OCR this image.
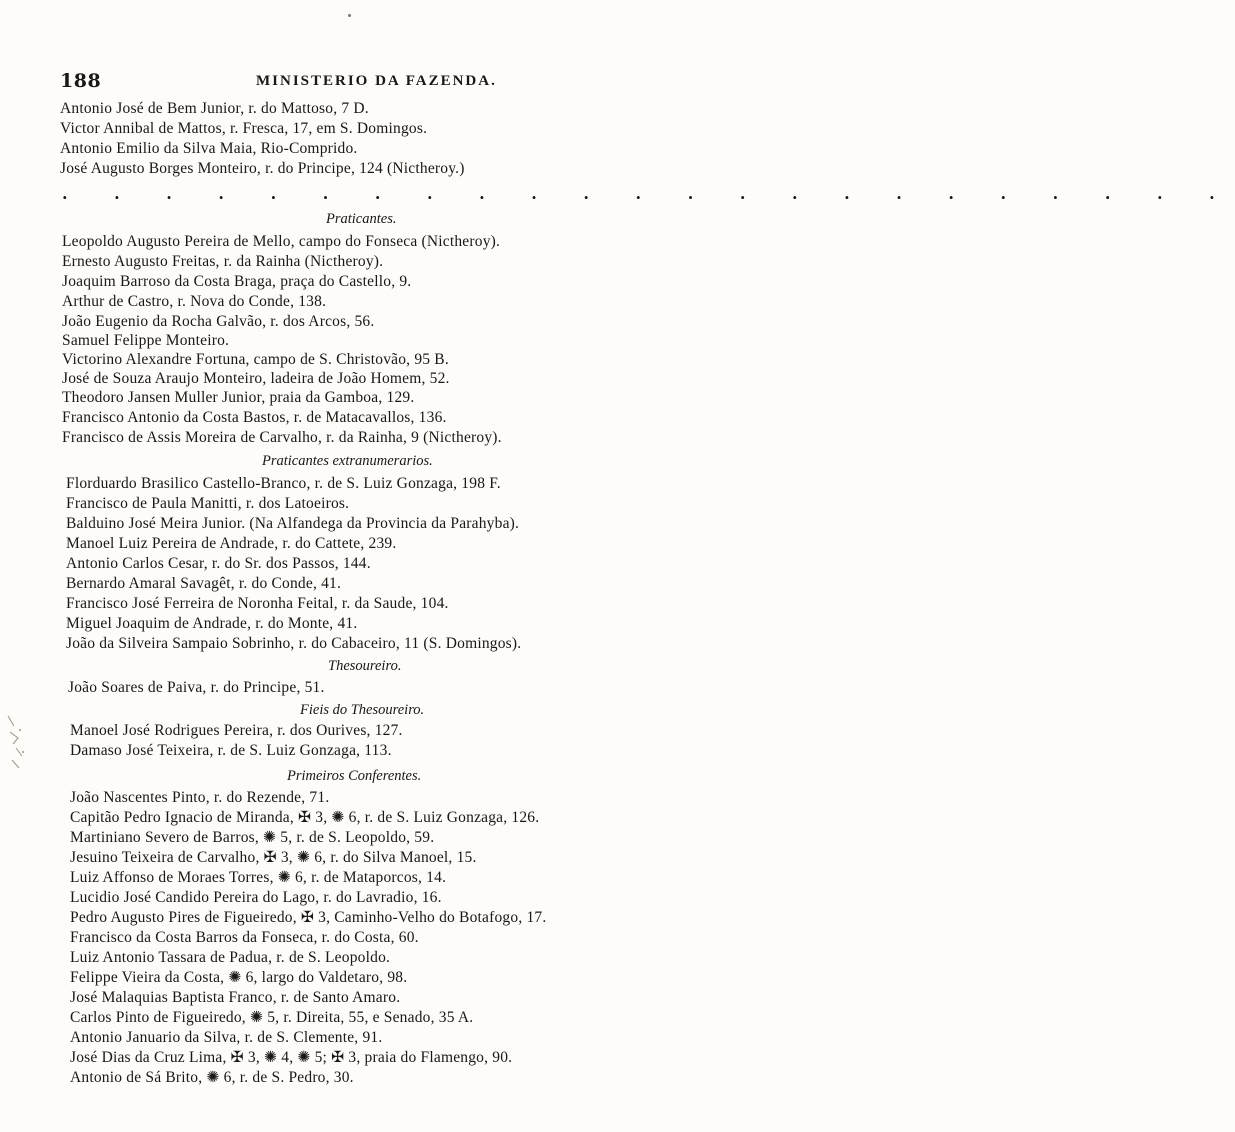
188	MINISTERIO DA FAZENDA.
Antonio José de Bem Junior, r. do Mattoso, 7 D.
Victor Annibal de Mattos, r. Fresca, 17, em S. Domingos.
Antonio Emilio da Silva Maia, Rio-Comprido.
José Augusto Borges Monteiro, r. do Principe, 124 (Nictheroy.)
. . . . . . . . . . . . . . . . . . . . . . .
Praticantes.
Leopoldo Augusto Pereira de Mello, campo do Fonseca (Nictheroy).
Ernesto Augusto Freitas, r. da Rainha (Nictheroy).
Joaquim Barroso da Costa Braga, praça do Castello, 9.
Arthur de Castro, r. Nova do Conde, 138.
João Eugenio da Rocha Galvão, r. dos Arcos, 56.
Samuel Felippe Monteiro.
Victorino Alexandre Fortuna, campo de S. Christovão, 95 B.
José de Souza Araujo Monteiro, ladeira de João Homem, 52.
Theodoro Jansen Muller Junior, praia da Gamboa, 129.
Francisco Antonio da Costa Bastos, r. de Matacavallos, 136.
Francisco de Assis Moreira de Carvalho, r. da Rainha, 9 (Nictheroy).
Praticantes extranumerarios.
Florduardo Brasilico Castello-Branco, r. de S. Luiz Gonzaga, 198 F.
Francisco de Paula Manitti, r. dos Latoeiros.
Balduino José Meira Junior. (Na Alfandega da Provincia da Parahyba).
Manoel Luiz Pereira de Andrade, r. do Cattete, 239.
Antonio Carlos Cesar, r. do Sr. dos Passos, 144.
Bernardo Amaral Savagêt, r. do Conde, 41.
Francisco José Ferreira de Noronha Feital, r. da Saude, 104.
Miguel Joaquim de Andrade, r. do Monte, 41.
João da Silveira Sampaio Sobrinho, r. do Cabaceiro, 11 (S. Domingos).
Thesoureiro.
João Soares de Paiva, r. do Principe, 51.
Fieis do Thesoureiro.
Manoel José Rodrigues Pereira, r. dos Ourives, 127.
Damaso José Teixeira, r. de S. Luiz Gonzaga, 113.
Primeiros Conferentes.
João Nascentes Pinto, r. do Rezende, 71.
Capitão Pedro Ignacio de Miranda, ✠ 3, ✺ 6, r. de S. Luiz Gonzaga, 126.
Martiniano Severo de Barros, ✺ 5, r. de S. Leopoldo, 59.
Jesuino Teixeira de Carvalho, ✠ 3, ✺ 6, r. do Silva Manoel, 15.
Luiz Affonso de Moraes Torres, ✺ 6, r. de Mataporcos, 14.
Lucidio José Candido Pereira do Lago, r. do Lavradio, 16.
Pedro Augusto Pires de Figueiredo, ✠ 3, Caminho-Velho do Botafogo, 17.
Francisco da Costa Barros da Fonseca, r. do Costa, 60.
Luiz Antonio Tassara de Padua, r. de S. Leopoldo.
Felippe Vieira da Costa, ✺ 6, largo do Valdetaro, 98.
José Malaquias Baptista Franco, r. de Santo Amaro.
Carlos Pinto de Figueiredo, ✺ 5, r. Direita, 55, e Senado, 35 A.
Antonio Januario da Silva, r. de S. Clemente, 91.
José Dias da Cruz Lima, ✠ 3, ✺ 4, ✺ 5; ✠ 3, praia do Flamengo, 90.
Antonio de Sá Brito, ✺ 6, r. de S. Pedro, 30.
